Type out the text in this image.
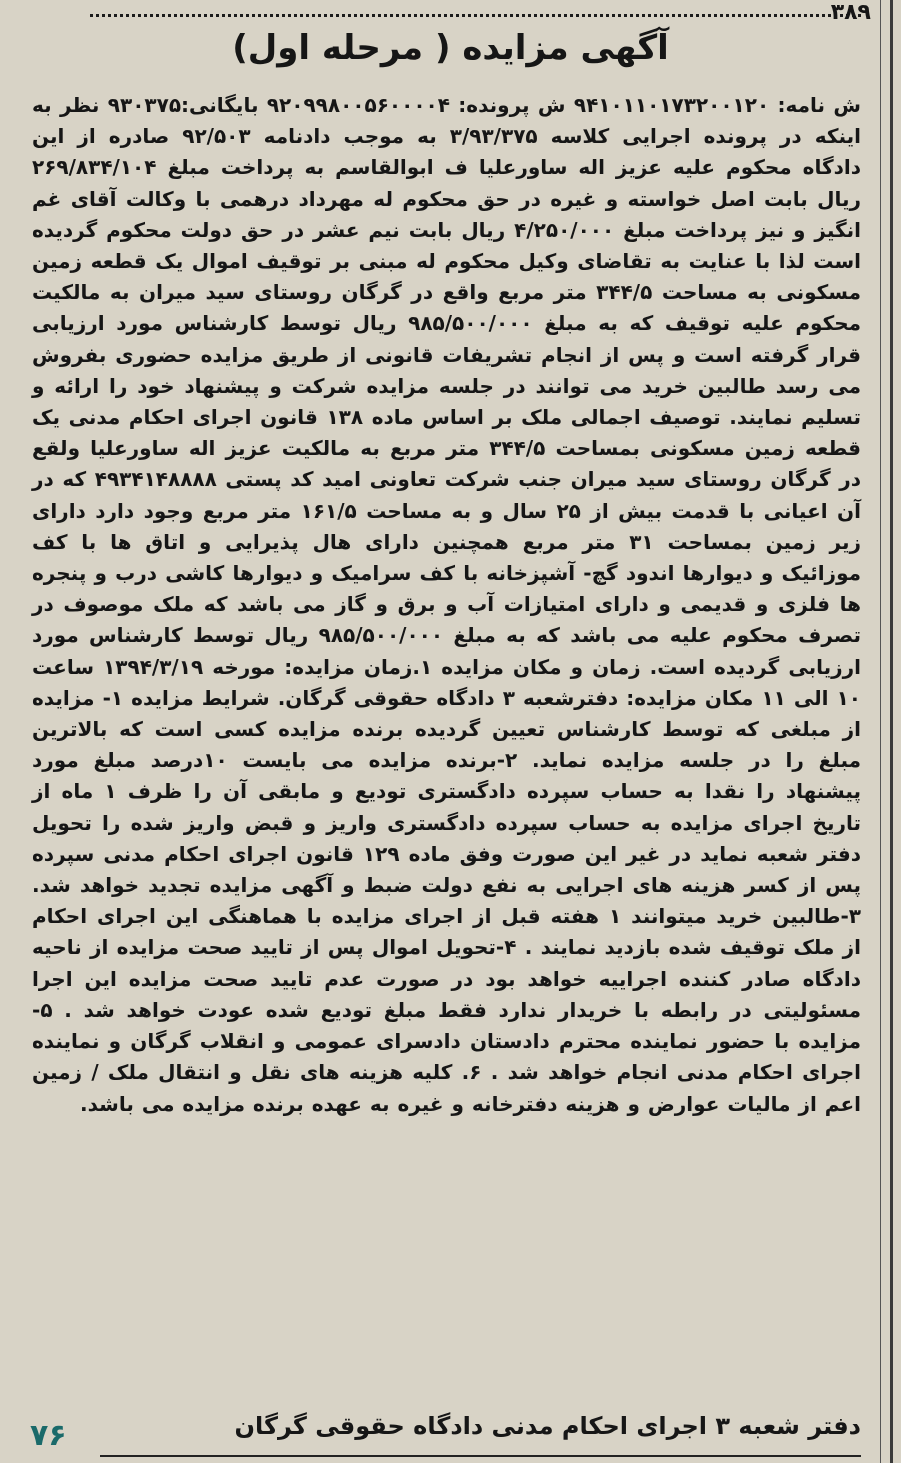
۳۸۹
آگهی مزایده ( مرحله اول)

ش نامه: ۹۴۱۰۱۱۰۱۷۳۲۰۰۱۲۰ ش پرونده: ۹۲۰۹۹۸۰۰۵۶۰۰۰۰۴ بایگانی:۹۳۰۳۷۵ نظر به اینکه در پرونده اجرایی کلاسه ۳/۹۳/۳۷۵ به موجب دادنامه ۹۲/۵۰۳ صادره از این دادگاه محکوم علیه عزیز اله ساورعلیا ف ابوالقاسم به پرداخت مبلغ ۲۶۹/۸۳۴/۱۰۴ ریال بابت اصل خواسته و غیره در حق محکوم له مهرداد درهمی با وکالت آقای غم انگیز و نیز پرداخت مبلغ ۴/۲۵۰/۰۰۰ ریال بابت نیم عشر در حق دولت محکوم گردیده است لذا با عنایت به تقاضای وکیل محکوم له مبنی بر توقیف اموال یک قطعه زمین مسکونی به مساحت ۳۴۴/۵ متر مربع واقع در گرگان روستای سید میران به مالکیت محکوم علیه توقیف که به مبلغ ۹۸۵/۵۰۰/۰۰۰ ریال توسط کارشناس مورد ارزیابی قرار گرفته است و پس از انجام تشریفات قانونی از طریق مزایده حضوری بفروش می رسد طالبین خرید می توانند در جلسه مزایده شرکت و پیشنهاد خود را ارائه و تسلیم نمایند. توصیف اجمالی ملک بر اساس ماده ۱۳۸ قانون اجرای احکام مدنی یک قطعه زمین مسکونی بمساحت ۳۴۴/۵ متر مربع به مالکیت عزیز اله ساورعلیا ولقع در گرگان روستای سید میران جنب شرکت تعاونی امید کد پستی ۴۹۳۴۱۴۸۸۸۸ که در آن اعیانی با قدمت بیش از ۲۵ سال و به مساحت ۱۶۱/۵ متر مربع وجود دارد دارای زیر زمین بمساحت ۳۱ متر مربع همچنین دارای هال پذیرایی و اتاق ها با کف موزائیک و دیوارها اندود گچ- آشپزخانه با کف سرامیک و دیوارها کاشی درب و پنجره ها فلزی و قدیمی و دارای امتیازات آب و برق و گاز می باشد که ملک موصوف در تصرف محکوم علیه می باشد که به مبلغ ۹۸۵/۵۰۰/۰۰۰ ریال توسط کارشناس مورد ارزیابی گردیده است. زمان و مکان مزایده ۱.زمان مزایده: مورخه ۱۳۹۴/۳/۱۹ ساعت ۱۰ الی ۱۱ مکان مزایده: دفترشعبه ۳ دادگاه حقوقی گرگان. شرایط مزایده ۱- مزایده از مبلغی که توسط کارشناس تعیین گردیده برنده مزایده کسی است که بالاترین مبلغ را در جلسه مزایده نماید. ۲-برنده مزایده می بایست ۱۰درصد مبلغ مورد پیشنهاد را نقدا به حساب سپرده دادگستری تودیع و مابقی آن را ظرف ۱ ماه از تاریخ اجرای مزایده به حساب سپرده دادگستری واریز و قبض واریز شده را تحویل دفتر شعبه نماید در غیر این صورت وفق ماده ۱۲۹ قانون اجرای احکام مدنی سپرده پس از کسر هزینه های اجرایی به نفع دولت ضبط و آگهی مزایده تجدید خواهد شد. ۳-طالبین خرید میتوانند ۱ هفته قبل از اجرای مزایده با هماهنگی این اجرای احکام از ملک توقیف شده بازدید نمایند . ۴-تحویل اموال پس از تایید صحت مزایده از ناحیه دادگاه صادر کننده اجراییه خواهد بود در صورت عدم تایید صحت مزایده این اجرا مسئولیتی در رابطه با خریدار ندارد فقط مبلغ تودیع شده عودت خواهد شد . ۵- مزایده با حضور نماینده محترم دادستان دادسرای عمومی و انقلاب گرگان و نماینده اجرای احکام مدنی انجام خواهد شد . ۶. کلیه هزینه های نقل و انتقال ملک / زمین اعم از مالیات عوارض و هزینه دفترخانه و غیره به عهده برنده مزایده می باشد.

دفتر شعبه ۳ اجرای احکام مدنی دادگاه حقوقی گرگان
۷۶
